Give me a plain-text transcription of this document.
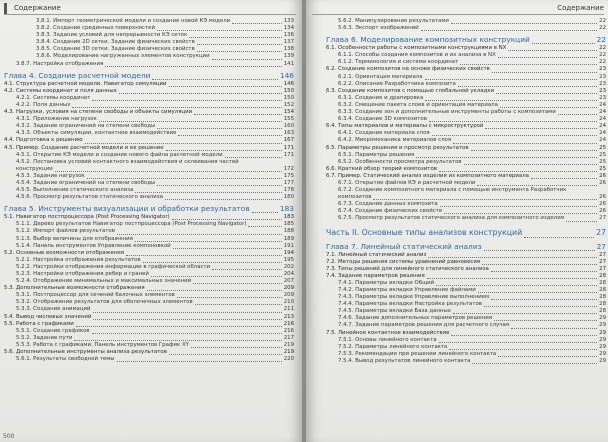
Содержание
3.8.1. Импорт геометрической модели и создание новой КЭ модели	133
3.8.2. Создание срединных поверхностей	134
3.8.3. Задание условий для непрерывности КЭ сеток	136
3.8.4. Создание 2D сетки. Задание физических свойств	137
3.8.5. Создание 3D сетки. Задание физических свойств	138
3.8.6. Моделирование нагруженных элементов конструкции	139
3.8.7. Настройка отображения	141
Глава 4. Создание расчетной модели	146
4.1. Структура расчетной модели. Навигатор симуляции	146
4.2. Системы координат и поля данных	150
4.2.1. Системы координат	150
4.2.2. Поля данных	152
4.3. Нагрузки, условия на степени свободы и объекты симуляции	154
4.3.1. Приложение нагрузок	155
4.3.2. Задание ограничений на степени свободы	160
4.3.3. Объекты симуляции, контактное взаимодействие	163
4.4. Подготовка к решению	167
4.5. Пример. Создание расчетной модели и ее решение	171
4.5.1. Открытие КЭ модели и создание нового файла расчетной модели	171
4.5.2. Постановка условий контактного взаимодействия и склеивания частей
конструкции	172
4.5.3. Задание нагрузок	175
4.5.4. Задание ограничений на степени свободы	177
4.5.5. Выполнение статического анализа	178
4.5.6. Просмотр результатов статического анализа	180
Глава 5. Инструменты визуализации и обработки результатов	183
5.1. Навигатор постпроцессора (Post Processing Navigator)	183
5.1.1. Дерево результатов Навигатор постпроцессора (Post Processing Navigator)	185
5.1.2. Импорт файлов результатов	188
5.1.3. Выбор величины для отображения	189
5.1.4. Панель инструментов Управление компоновкой	191
5.2. Основные возможности отображения	194
5.2.1. Настройка отображения результатов	195
5.2.2. Настройки отображения информации в графической области	202
5.2.3. Настройки отображения ребер и граней	204
5.2.4. Отображение минимальных и максимальных значений	207
5.3. Дополнительные возможности отображения	209
5.3.1. Постпроцессор для сечений балочных элементов	209
5.3.2. Отображение результатов для оболочечных элементов	210
5.3.3. Создание анимаций	211
5.4. Вывод числовых значений	213
5.5. Работа с графиками	216
5.5.1. Создание графиков	216
5.5.2. Задание пути	217
5.5.3. Работа с графиками. Панель инструментов График XY	219
5.6. Дополнительные инструменты анализа результатов	219
5.6.1. Результаты свободной темы	220
500
Содержание
5.6.2. Манипулирование результатами	22
5.6.3. Экспорт изображений	22
Глава 6. Моделирование композитных конструкций	22
6.1. Особенности работы с композитными конструкциями в NX	22
6.1.1. Способы создания композитов и их анализа в NX	22
6.1.2. Терминология и система координат	22
6.2. Создание композитов на основе физических свойств	23
6.2.1. Ориентация материала	23
6.2.2. Описание Разработчика композита	23
6.3. Создание композитов с помощью глобальной укладки	23
6.3.1. Создание и драпировка	23
6.3.2. Смещение пакета слоев и ориентация материала	24
6.3.3. Создание зон и дополнительные инструменты работы с композитами	24
6.3.4. Создание 3D композитов	24
6.4. Типы материалов и материалы с микроструктурой	24
6.4.1. Создание материала слоя	24
6.4.2. Микромеханика материалов слоя	24
6.5. Параметры решения и просмотр результатов	25
6.5.1. Параметры решения	25
6.5.2. Особенности просмотра результатов	25
6.6. Краткий обзор теорий композитов	25
6.7. Пример. Статический анализ изделия из композитного материала	26
6.7.1. Открытие файлов КЭ и расчетной модели	26
6.7.2. Создание композитного материала с помощью инструмента Разработчик
композитов	26
6.7.3. Создание данных композита	26
6.7.4. Создание физических свойств	26
6.7.5. Просмотр результатов статического анализа для композитного изделия	27
Часть II. Основные типы анализов конструкций	27
Глава 7. Линейный статический анализ	27
7.1. Линейный статический анализ	27
7.2. Методы решения системы уравнений равновесия	27
7.3. Типы решений для линейного статического анализа	27
7.4. Задание параметров решения	28
7.4.1. Параметры вкладки Общий	28
7.4.2. Параметры вкладки Управление файлами	28
7.4.3. Параметры вкладки Управление выполнением	28
7.4.4. Параметры вкладки Настройка результатов	28
7.4.5. Параметры вкладки База данных	28
7.4.6. Задание дополнительных параметров решения	29
7.4.7. Задание параметров решения для расчетного случая	29
7.5. Линейное контактное взаимодействие	29
7.5.1. Основы линейного контакта	29
7.5.2. Параметры линейного контакта	29
7.5.3. Рекомендации при решении линейного контакта	29
7.5.4. Вывод результатов линейного контакта	29
